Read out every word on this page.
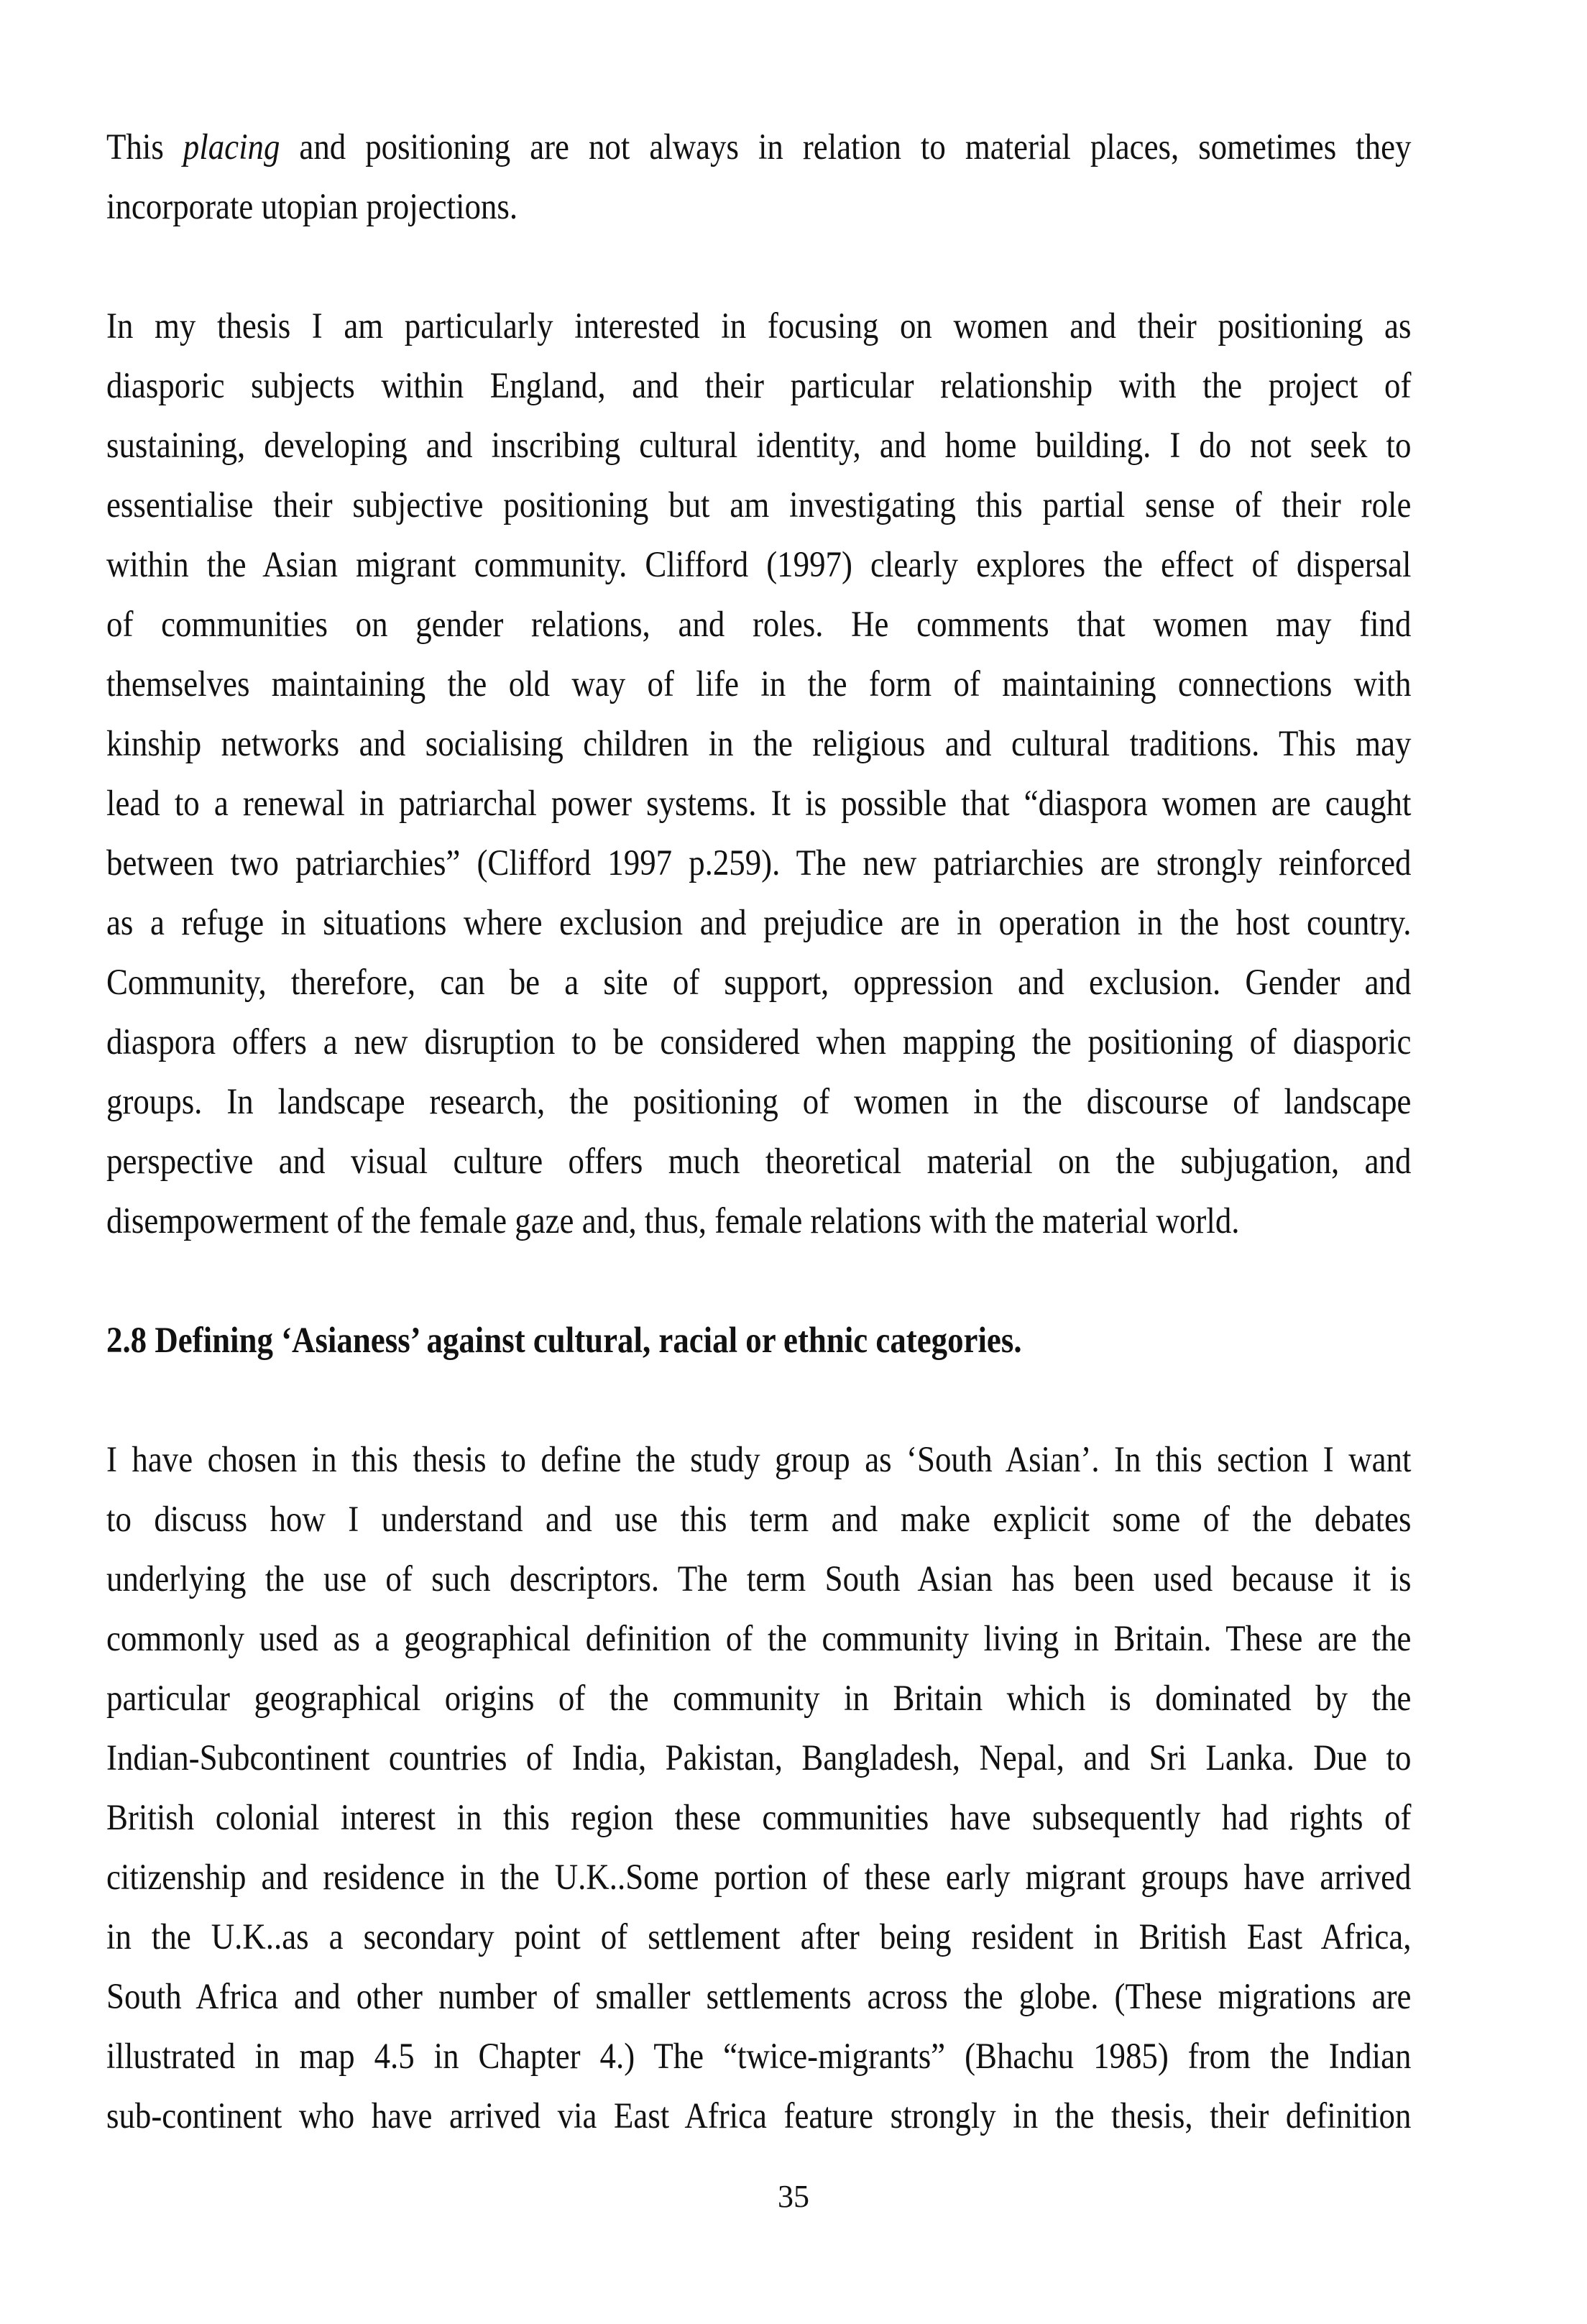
This placing and positioning are not always in relation to material places, sometimes they
incorporate utopian projections.
In my thesis I am particularly interested in focusing on women and their positioning as
diasporic subjects within England, and their particular relationship with the project of
sustaining, developing and inscribing cultural identity, and home building. I do not seek to
essentialise their subjective positioning but am investigating this partial sense of their role
within the Asian migrant community. Clifford (1997) clearly explores the effect of dispersal
of communities on gender relations, and roles. He comments that women may find
themselves maintaining the old way of life in the form of maintaining connections with
kinship networks and socialising children in the religious and cultural traditions. This may
lead to a renewal in patriarchal power systems. It is possible that “diaspora women are caught
between two patriarchies” (Clifford 1997 p.259). The new patriarchies are strongly reinforced
as a refuge in situations where exclusion and prejudice are in operation in the host country.
Community, therefore, can be a site of support, oppression and exclusion. Gender and
diaspora offers a new disruption to be considered when mapping the positioning of diasporic
groups. In landscape research, the positioning of women in the discourse of landscape
perspective and visual culture offers much theoretical material on the subjugation, and
disempowerment of the female gaze and, thus, female relations with the material world.
2.8 Defining ‘Asianess’ against cultural, racial or ethnic categories.
I have chosen in this thesis to define the study group as ‘South Asian’. In this section I want
to discuss how I understand and use this term and make explicit some of the debates
underlying the use of such descriptors. The term South Asian has been used because it is
commonly used as a geographical definition of the community living in Britain. These are the
particular geographical origins of the community in Britain which is dominated by the
Indian-Subcontinent countries of India, Pakistan, Bangladesh, Nepal, and Sri Lanka. Due to
British colonial interest in this region these communities have subsequently had rights of
citizenship and residence in the U.K..Some portion of these early migrant groups have arrived
in the U.K..as a secondary point of settlement after being resident in British East Africa,
South Africa and other number of smaller settlements across the globe. (These migrations are
illustrated in map 4.5 in Chapter 4.) The “twice-migrants” (Bhachu 1985) from the Indian
sub-continent who have arrived via East Africa feature strongly in the thesis, their definition
35
